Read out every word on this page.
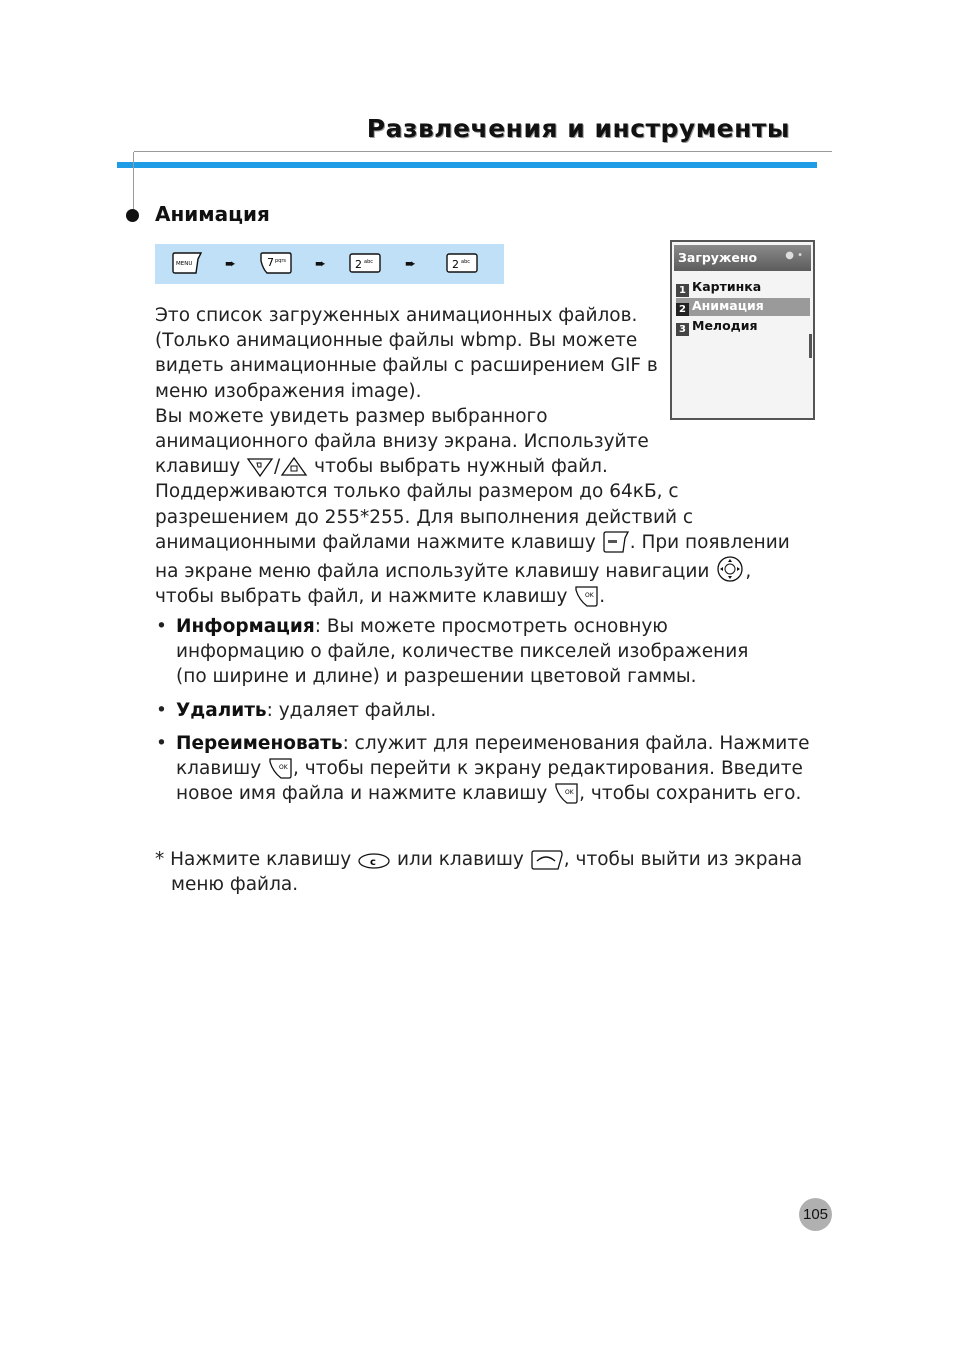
Развлечения и инструменты
Анимация
MENU	➨	7 pqrs ➨	2 abc ➨	2 abc	Загружено	● •
1 Картинка
2 Анимация
3 Мелодия

Это список загруженных анимационных файлов.

(Только анимационные файлы wbmp. Вы можете

видеть анимационные файлы с расширением GIF в

меню изображения image).

Вы можете увидеть размер выбранного

анимационного файла внизу экрана. Используйте

клавишу / чтобы выбрать нужный файл.

Поддерживаются только файлы размером до 64кБ, с

разрешением до 255*255. Для выполнения действий с

анимационными файлами нажмите клавишу . При появлении

на экране меню файла используйте клавишу навигации ,

чтобы выбрать файл, и нажмите клавишу	OK .

• Информация: Вы можете просмотреть основную
информацию о файле, количестве пикселей изображения
(по ширине и длине) и разрешении цветовой гаммы.
• Удалить: удаляет файлы.
• Переименовать: служит для переименования файла. Нажмите
клавишу	OK , чтобы перейти к экрану редактирования. Введите
новое имя файла и нажмите клавишу	OK , чтобы сохранить его.
* Нажмите клавишу c или клавишу , чтобы выйти из экрана
меню файла.
105
